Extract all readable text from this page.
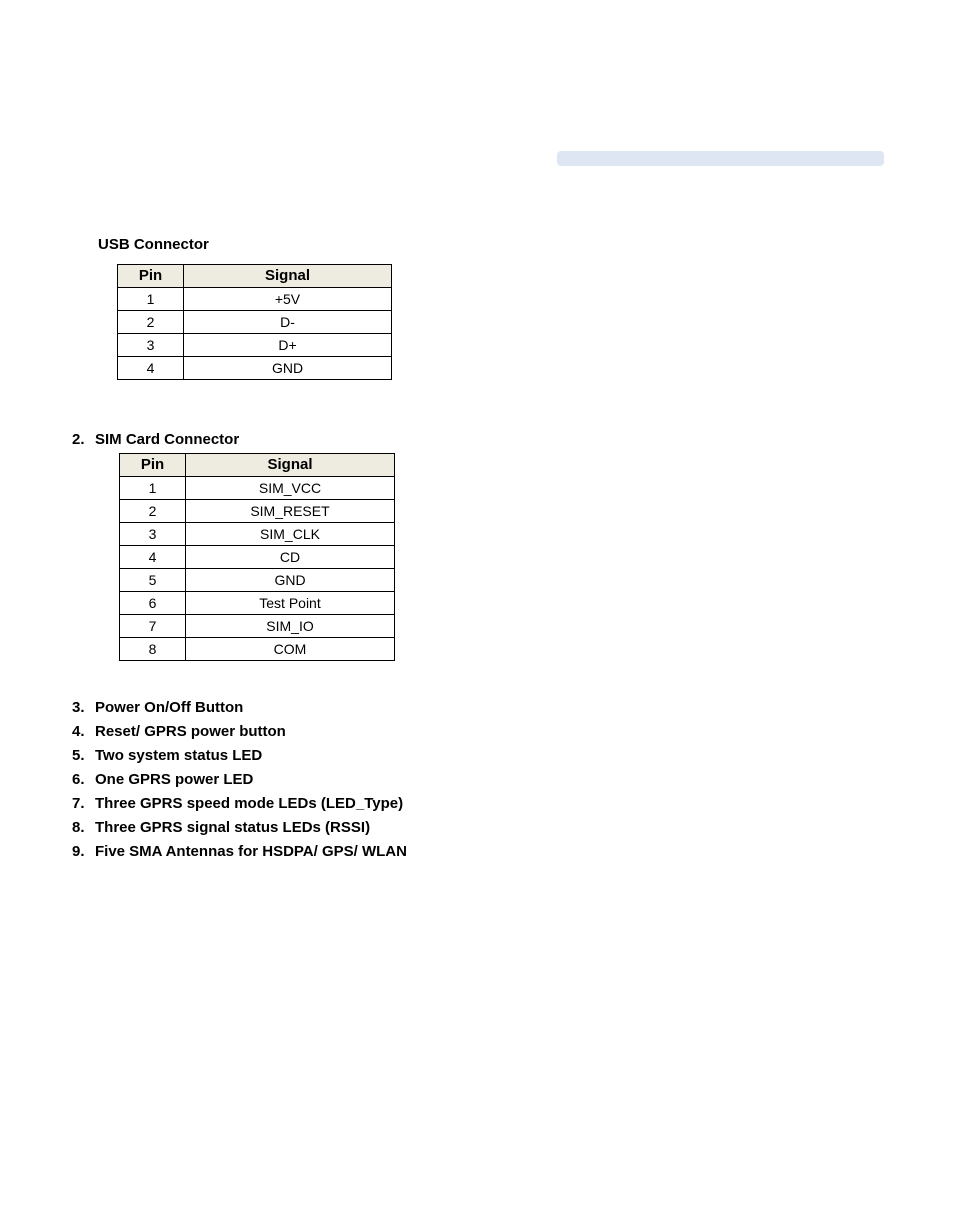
USB Connector
Pin	Signal
1	+5V
2	D-
3	D+
4	GND
2. SIM Card Connector
Pin	Signal
1	SIM_VCC
2	SIM_RESET
3	SIM_CLK
4	CD
5	GND
6	Test Point
7	SIM_IO
8	COM
3. Power On/Off Button
4. Reset/ GPRS power button
5. Two system status LED
6. One GPRS power LED
7. Three GPRS speed mode LEDs (LED_Type)
8. Three GPRS signal status LEDs (RSSI)
9. Five SMA Antennas for HSDPA/ GPS/ WLAN
